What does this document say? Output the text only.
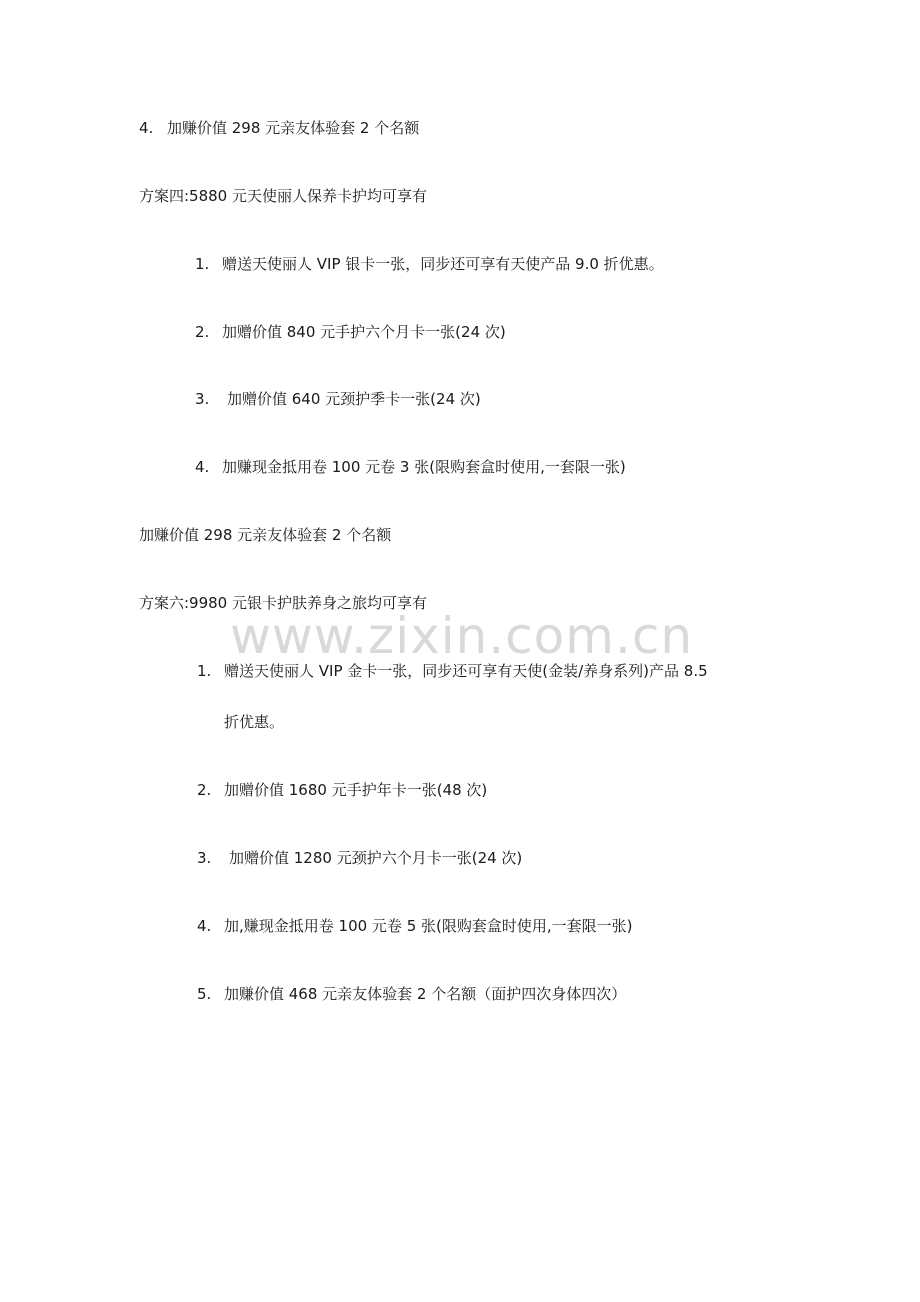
www.zixin.com.cn
4. 加赚价值 298 元亲友体验套 2 个名额
方案四:5880 元天使丽人保养卡护均可享有
1. 赠送天使丽人 VIP 银卡一张，同步还可享有天使产品 9.0 折优惠。
2. 加赠价值 840 元手护六个月卡一张(24 次)
3. 加赠价值 640 元颈护季卡一张(24 次)
4. 加赚现金抵用卷 100 元卷 3 张(限购套盒时使用,一套限一张)
加赚价值 298 元亲友体验套 2 个名额
方案六:9980 元银卡护肤养身之旅均可享有
1. 赠送天使丽人 VIP 金卡一张，同步还可享有天使(金装/养身系列)产品 8.5
折优惠。
2. 加赠价值 1680 元手护年卡一张(48 次)
3. 加赠价值 1280 元颈护六个月卡一张(24 次)
4. 加,赚现金抵用卷 100 元卷 5 张(限购套盒时使用,一套限一张)
5. 加赚价值 468 元亲友体验套 2 个名额（面护四次身体四次）
